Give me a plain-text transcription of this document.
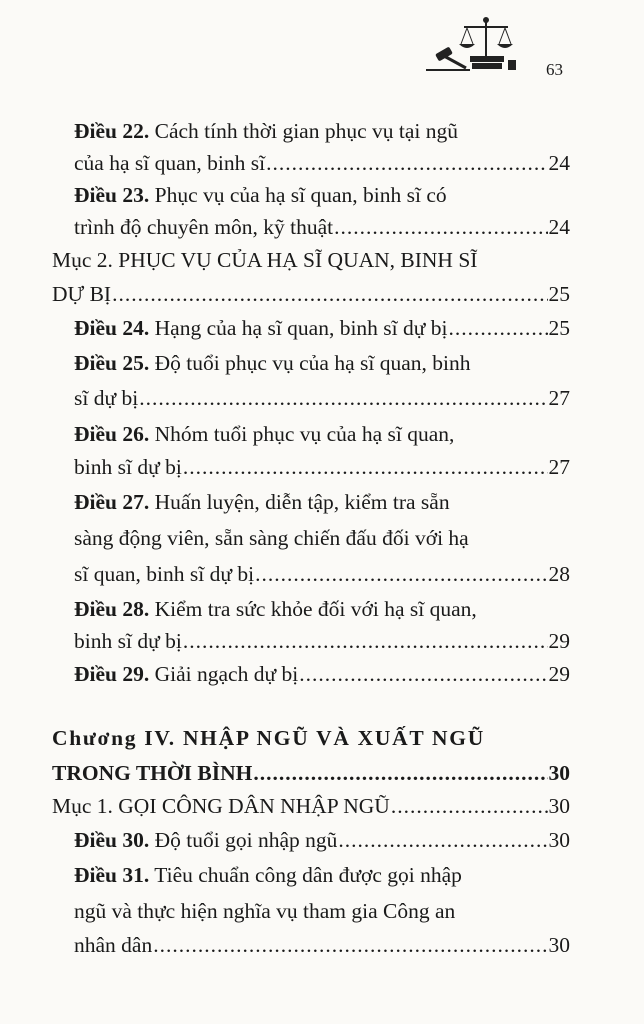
63
Điều 22. Cách tính thời gian phục vụ tại ngũ
của hạ sĩ quan, binh sĩ .....	24
Điều 23. Phục vụ của hạ sĩ quan, binh sĩ có
trình độ chuyên môn, kỹ thuật .....	24
Mục 2. PHỤC VỤ CỦA HẠ SĨ QUAN, BINH SĨ
DỰ BỊ .....	25
Điều 24. Hạng của hạ sĩ quan, binh sĩ dự bị .....	25
Điều 25. Độ tuổi phục vụ của hạ sĩ quan, binh
sĩ dự bị .....	27
Điều 26. Nhóm tuổi phục vụ của hạ sĩ quan,
binh sĩ dự bị .....	27
Điều 27. Huấn luyện, diễn tập, kiểm tra sẵn
sàng động viên, sẵn sàng chiến đấu đối với hạ
sĩ quan, binh sĩ dự bị .....	28
Điều 28. Kiểm tra sức khỏe đối với hạ sĩ quan,
binh sĩ dự bị .....	29
Điều 29. Giải ngạch dự bị .....	29
Chương IV. NHẬP NGŨ VÀ XUẤT NGŨ
TRONG THỜI BÌNH .....	30
Mục 1. GỌI CÔNG DÂN NHẬP NGŨ .....	30
Điều 30. Độ tuổi gọi nhập ngũ .....	30
Điều 31. Tiêu chuẩn công dân được gọi nhập
ngũ và thực hiện nghĩa vụ tham gia Công an
nhân dân .....	30
